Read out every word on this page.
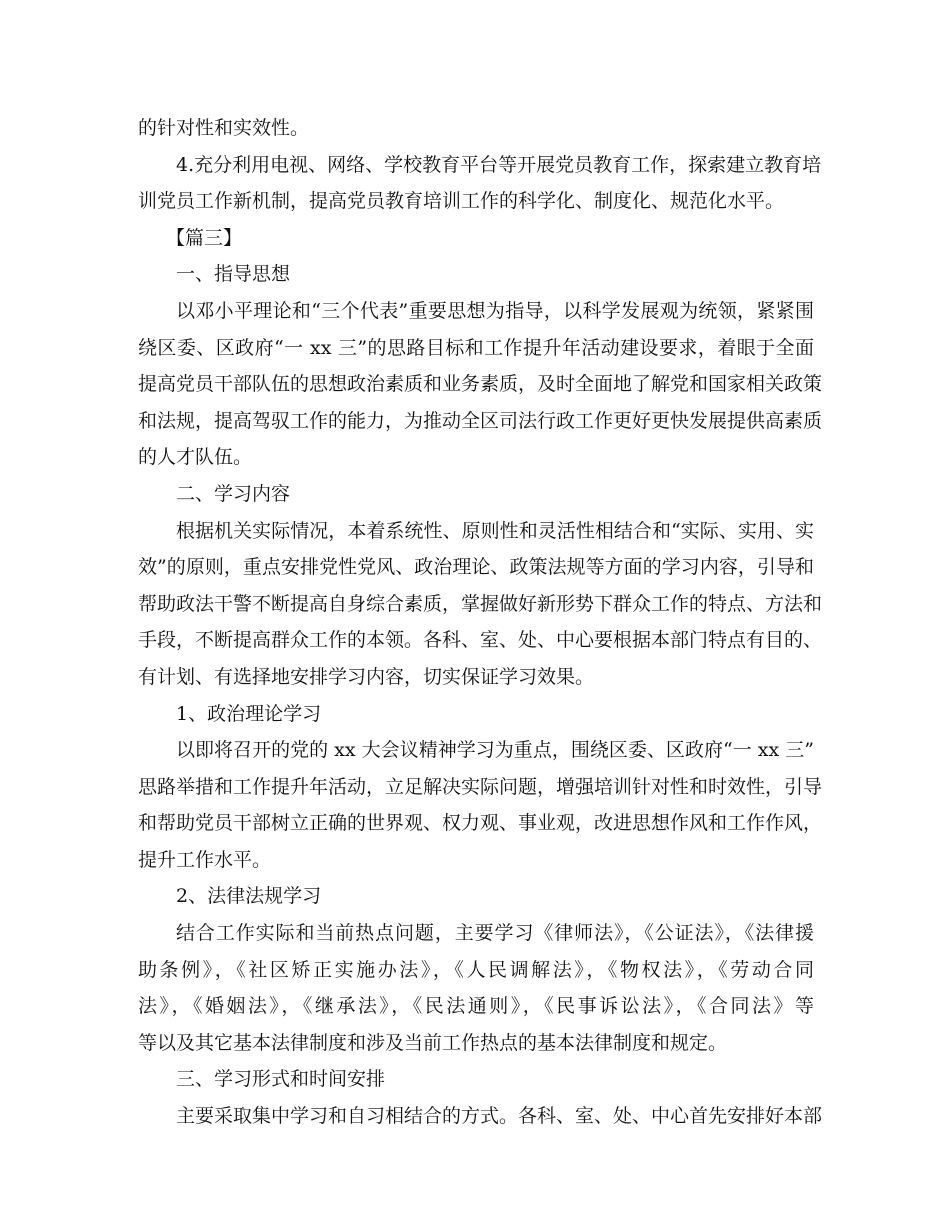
的针对性和实效性。
4.充分利用电视、网络、学校教育平台等开展党员教育工作，探索建立教育培
训党员工作新机制，提高党员教育培训工作的科学化、制度化、规范化水平。
【篇三】
一、指导思想
以邓小平理论和“三个代表”重要思想为指导，以科学发展观为统领，紧紧围
绕区委、区政府“一 xx 三”的思路目标和工作提升年活动建设要求，着眼于全面
提高党员干部队伍的思想政治素质和业务素质，及时全面地了解党和国家相关政策
和法规，提高驾驭工作的能力，为推动全区司法行政工作更好更快发展提供高素质
的人才队伍。
二、学习内容
根据机关实际情况，本着系统性、原则性和灵活性相结合和“实际、实用、实
效”的原则，重点安排党性党风、政治理论、政策法规等方面的学习内容，引导和
帮助政法干警不断提高自身综合素质，掌握做好新形势下群众工作的特点、方法和
手段，不断提高群众工作的本领。各科、室、处、中心要根据本部门特点有目的、
有计划、有选择地安排学习内容，切实保证学习效果。
1、政治理论学习
以即将召开的党的 xx 大会议精神学习为重点，围绕区委、区政府“一 xx 三”
思路举措和工作提升年活动，立足解决实际问题，增强培训针对性和时效性，引导
和帮助党员干部树立正确的世界观、权力观、事业观，改进思想作风和工作作风，
提升工作水平。
2、法律法规学习
结合工作实际和当前热点问题，主要学习《律师法》，《公证法》，《法律援
助条例》，《社区矫正实施办法》，《人民调解法》，《物权法》，《劳动合同
法》，《婚姻法》，《继承法》，《民法通则》，《民事诉讼法》，《合同法》等
等以及其它基本法律制度和涉及当前工作热点的基本法律制度和规定。
三、学习形式和时间安排
主要采取集中学习和自习相结合的方式。各科、室、处、中心首先安排好本部
